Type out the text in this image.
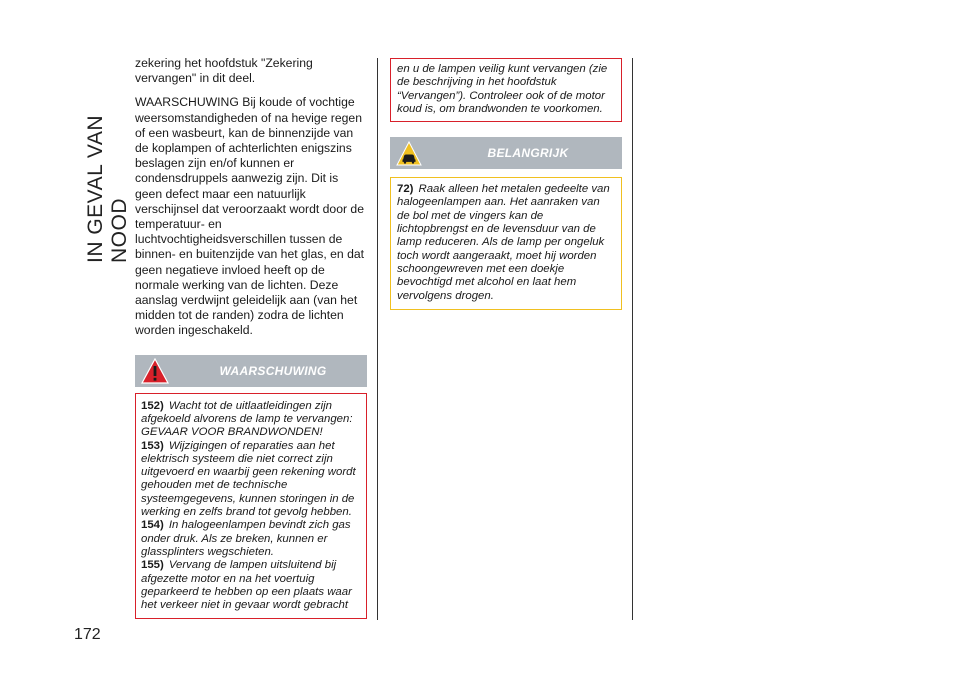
IN GEVAL VAN NOOD
172

zekering het hoofdstuk "Zekering vervangen" in dit deel.

WAARSCHUWING Bij koude of vochtige weersomstandigheden of na hevige regen of een wasbeurt, kan de binnenzijde van de koplampen of achterlichten enigszins beslagen zijn en/of kunnen er condensdruppels aanwezig zijn. Dit is geen defect maar een natuurlijk verschijnsel dat veroorzaakt wordt door de temperatuur- en luchtvochtigheidsverschillen tussen de binnen- en buitenzijde van het glas, en dat geen negatieve invloed heeft op de normale werking van de lichten. Deze aanslag verdwijnt geleidelijk aan (van het midden tot de randen) zodra de lichten worden ingeschakeld.

WAARSCHUWING

152) Wacht tot de uitlaatleidingen zijn afgekoeld alvorens de lamp te vervangen: GEVAAR VOOR BRANDWONDEN!

153) Wijzigingen of reparaties aan het elektrisch systeem die niet correct zijn uitgevoerd en waarbij geen rekening wordt gehouden met de technische systeemgegevens, kunnen storingen in de werking en zelfs brand tot gevolg hebben.

154) In halogeenlampen bevindt zich gas onder druk. Als ze breken, kunnen er glassplinters wegschieten.

155) Vervang de lampen uitsluitend bij afgezette motor en na het voertuig geparkeerd te hebben op een plaats waar het verkeer niet in gevaar wordt gebracht

en u de lampen veilig kunt vervangen (zie de beschrijving in het hoofdstuk “Vervangen”). Controleer ook of de motor koud is, om brandwonden te voorkomen.
BELANGRIJK
72) Raak alleen het metalen gedeelte van halogeenlampen aan. Het aanraken van de bol met de vingers kan de lichtopbrengst en de levensduur van de lamp reduceren. Als de lamp per ongeluk toch wordt aangeraakt, moet hij worden schoongewreven met een doekje bevochtigd met alcohol en laat hem vervolgens drogen.
